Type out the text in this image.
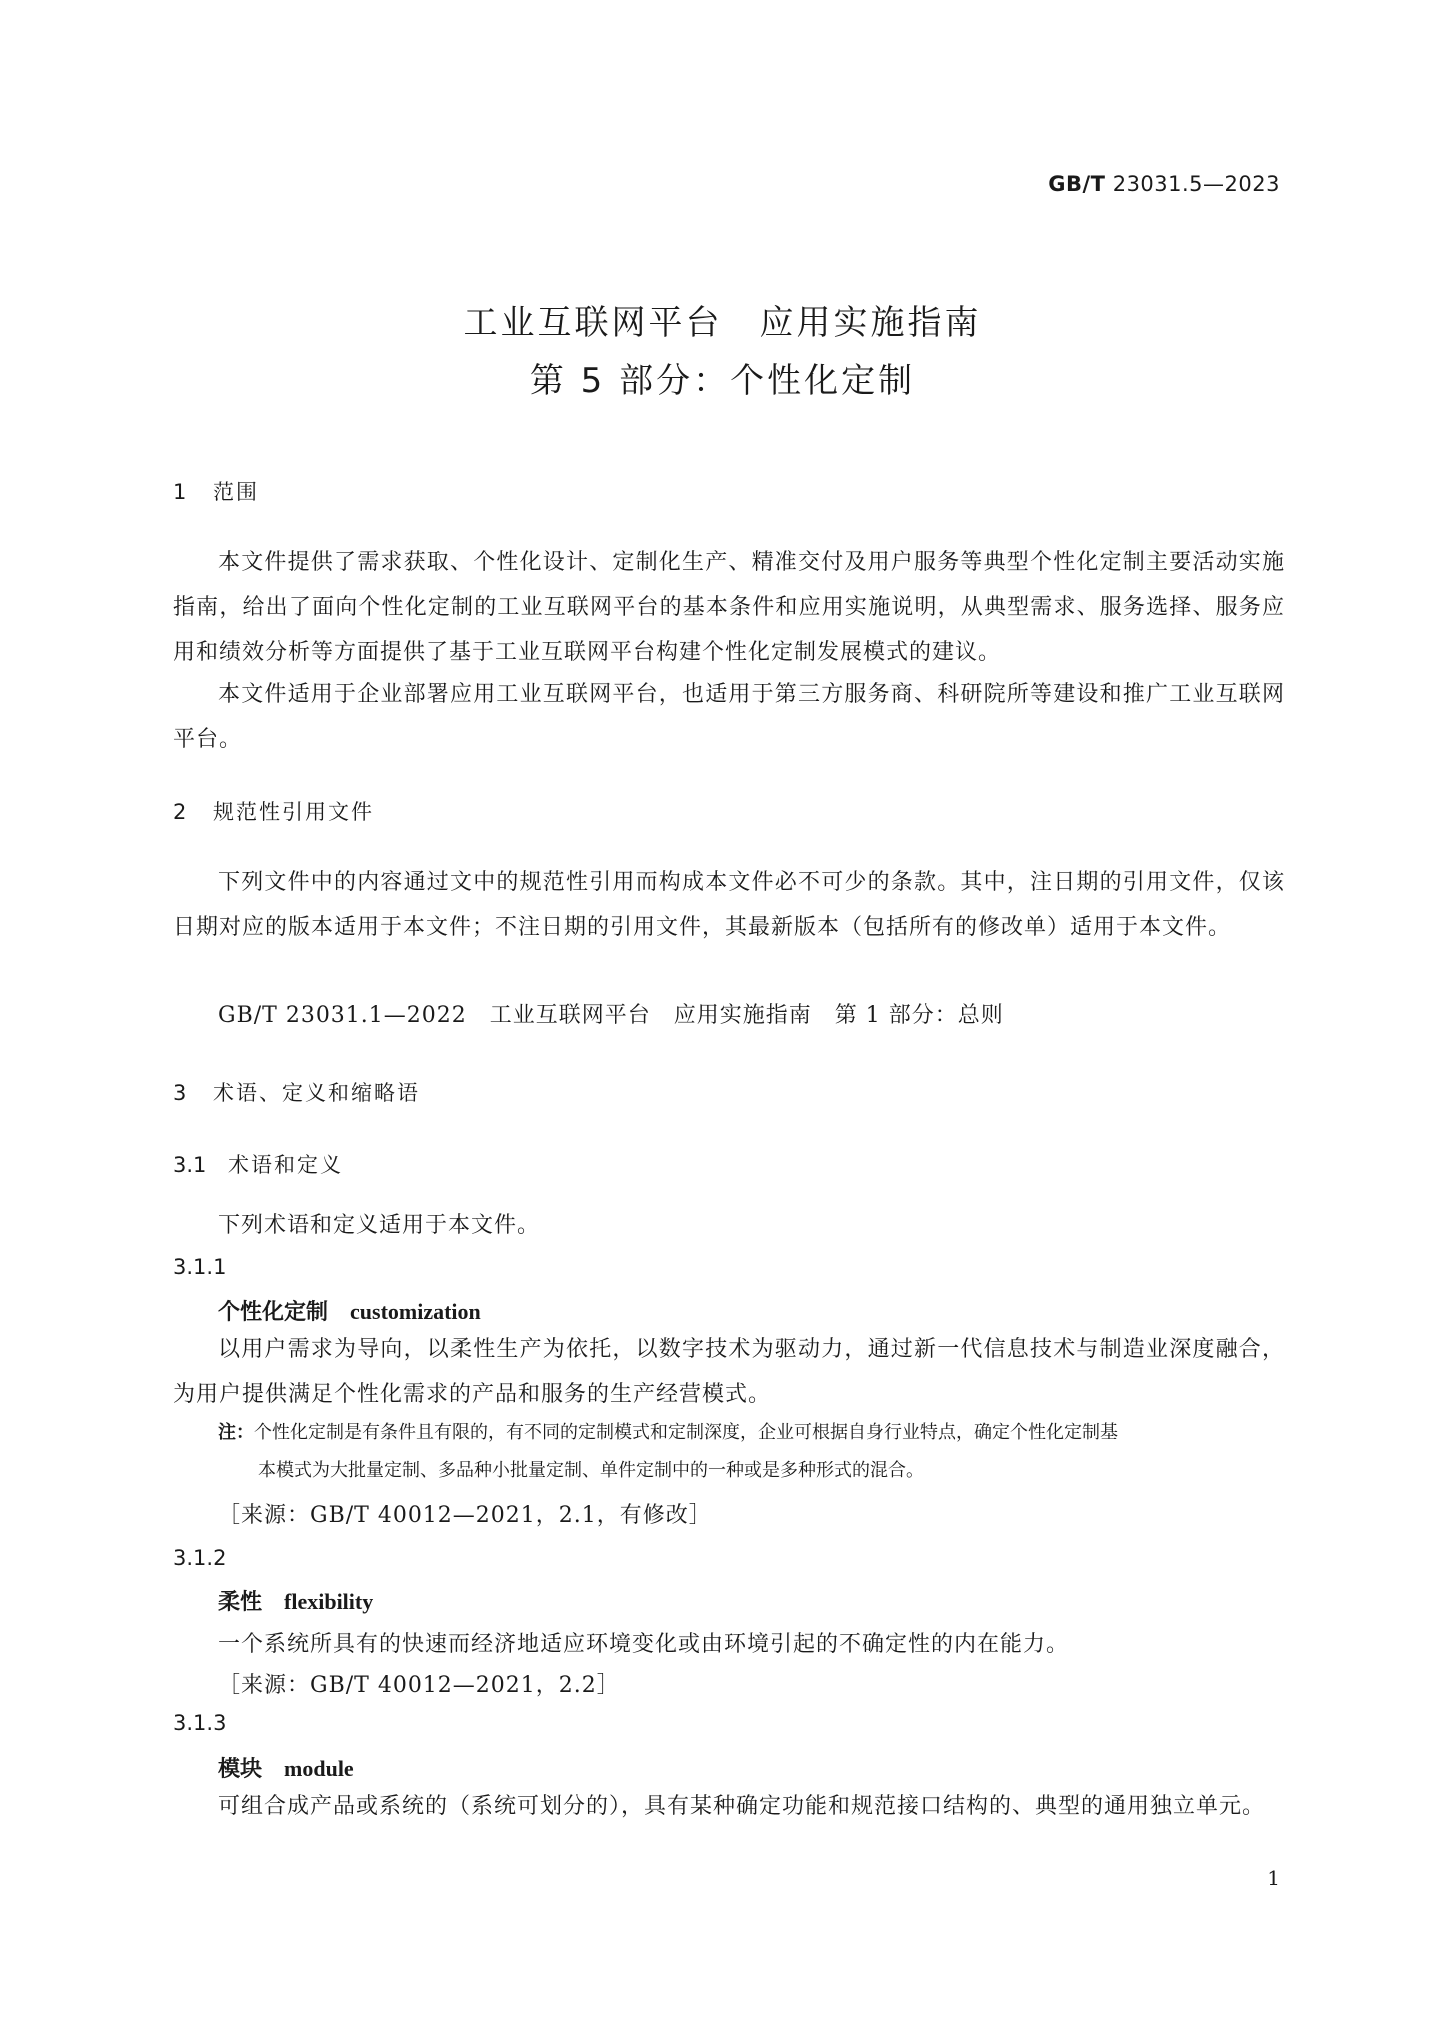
GB/T 23031.5—2023
工业互联网平台　应用实施指南
第 5 部分：个性化定制
1 范围
本文件提供了需求获取、个性化设计、定制化生产、精准交付及用户服务等典型个性化定制主要活动实施指南，给出了面向个性化定制的工业互联网平台的基本条件和应用实施说明，从典型需求、服务选择、服务应用和绩效分析等方面提供了基于工业互联网平台构建个性化定制发展模式的建议。
本文件适用于企业部署应用工业互联网平台，也适用于第三方服务商、科研院所等建设和推广工业互联网平台。
2 规范性引用文件
下列文件中的内容通过文中的规范性引用而构成本文件必不可少的条款。其中，注日期的引用文件，仅该日期对应的版本适用于本文件；不注日期的引用文件，其最新版本（包括所有的修改单）适用于本文件。
GB/T 23031.1—2022　工业互联网平台　应用实施指南　第 1 部分：总则
3 术语、定义和缩略语
3.1 术语和定义
下列术语和定义适用于本文件。
3.1.1
个性化定制 customization
以用户需求为导向，以柔性生产为依托，以数字技术为驱动力，通过新一代信息技术与制造业深度融合，为用户提供满足个性化需求的产品和服务的生产经营模式。
注：个性化定制是有条件且有限的，有不同的定制模式和定制深度，企业可根据自身行业特点，确定个性化定制基
本模式为大批量定制、多品种小批量定制、单件定制中的一种或是多种形式的混合。
［来源：GB/T 40012—2021，2.1，有修改］
3.1.2
柔性 flexibility
一个系统所具有的快速而经济地适应环境变化或由环境引起的不确定性的内在能力。
［来源：GB/T 40012—2021，2.2］
3.1.3
模块 module
可组合成产品或系统的（系统可划分的），具有某种确定功能和规范接口结构的、典型的通用独立单元。
1
